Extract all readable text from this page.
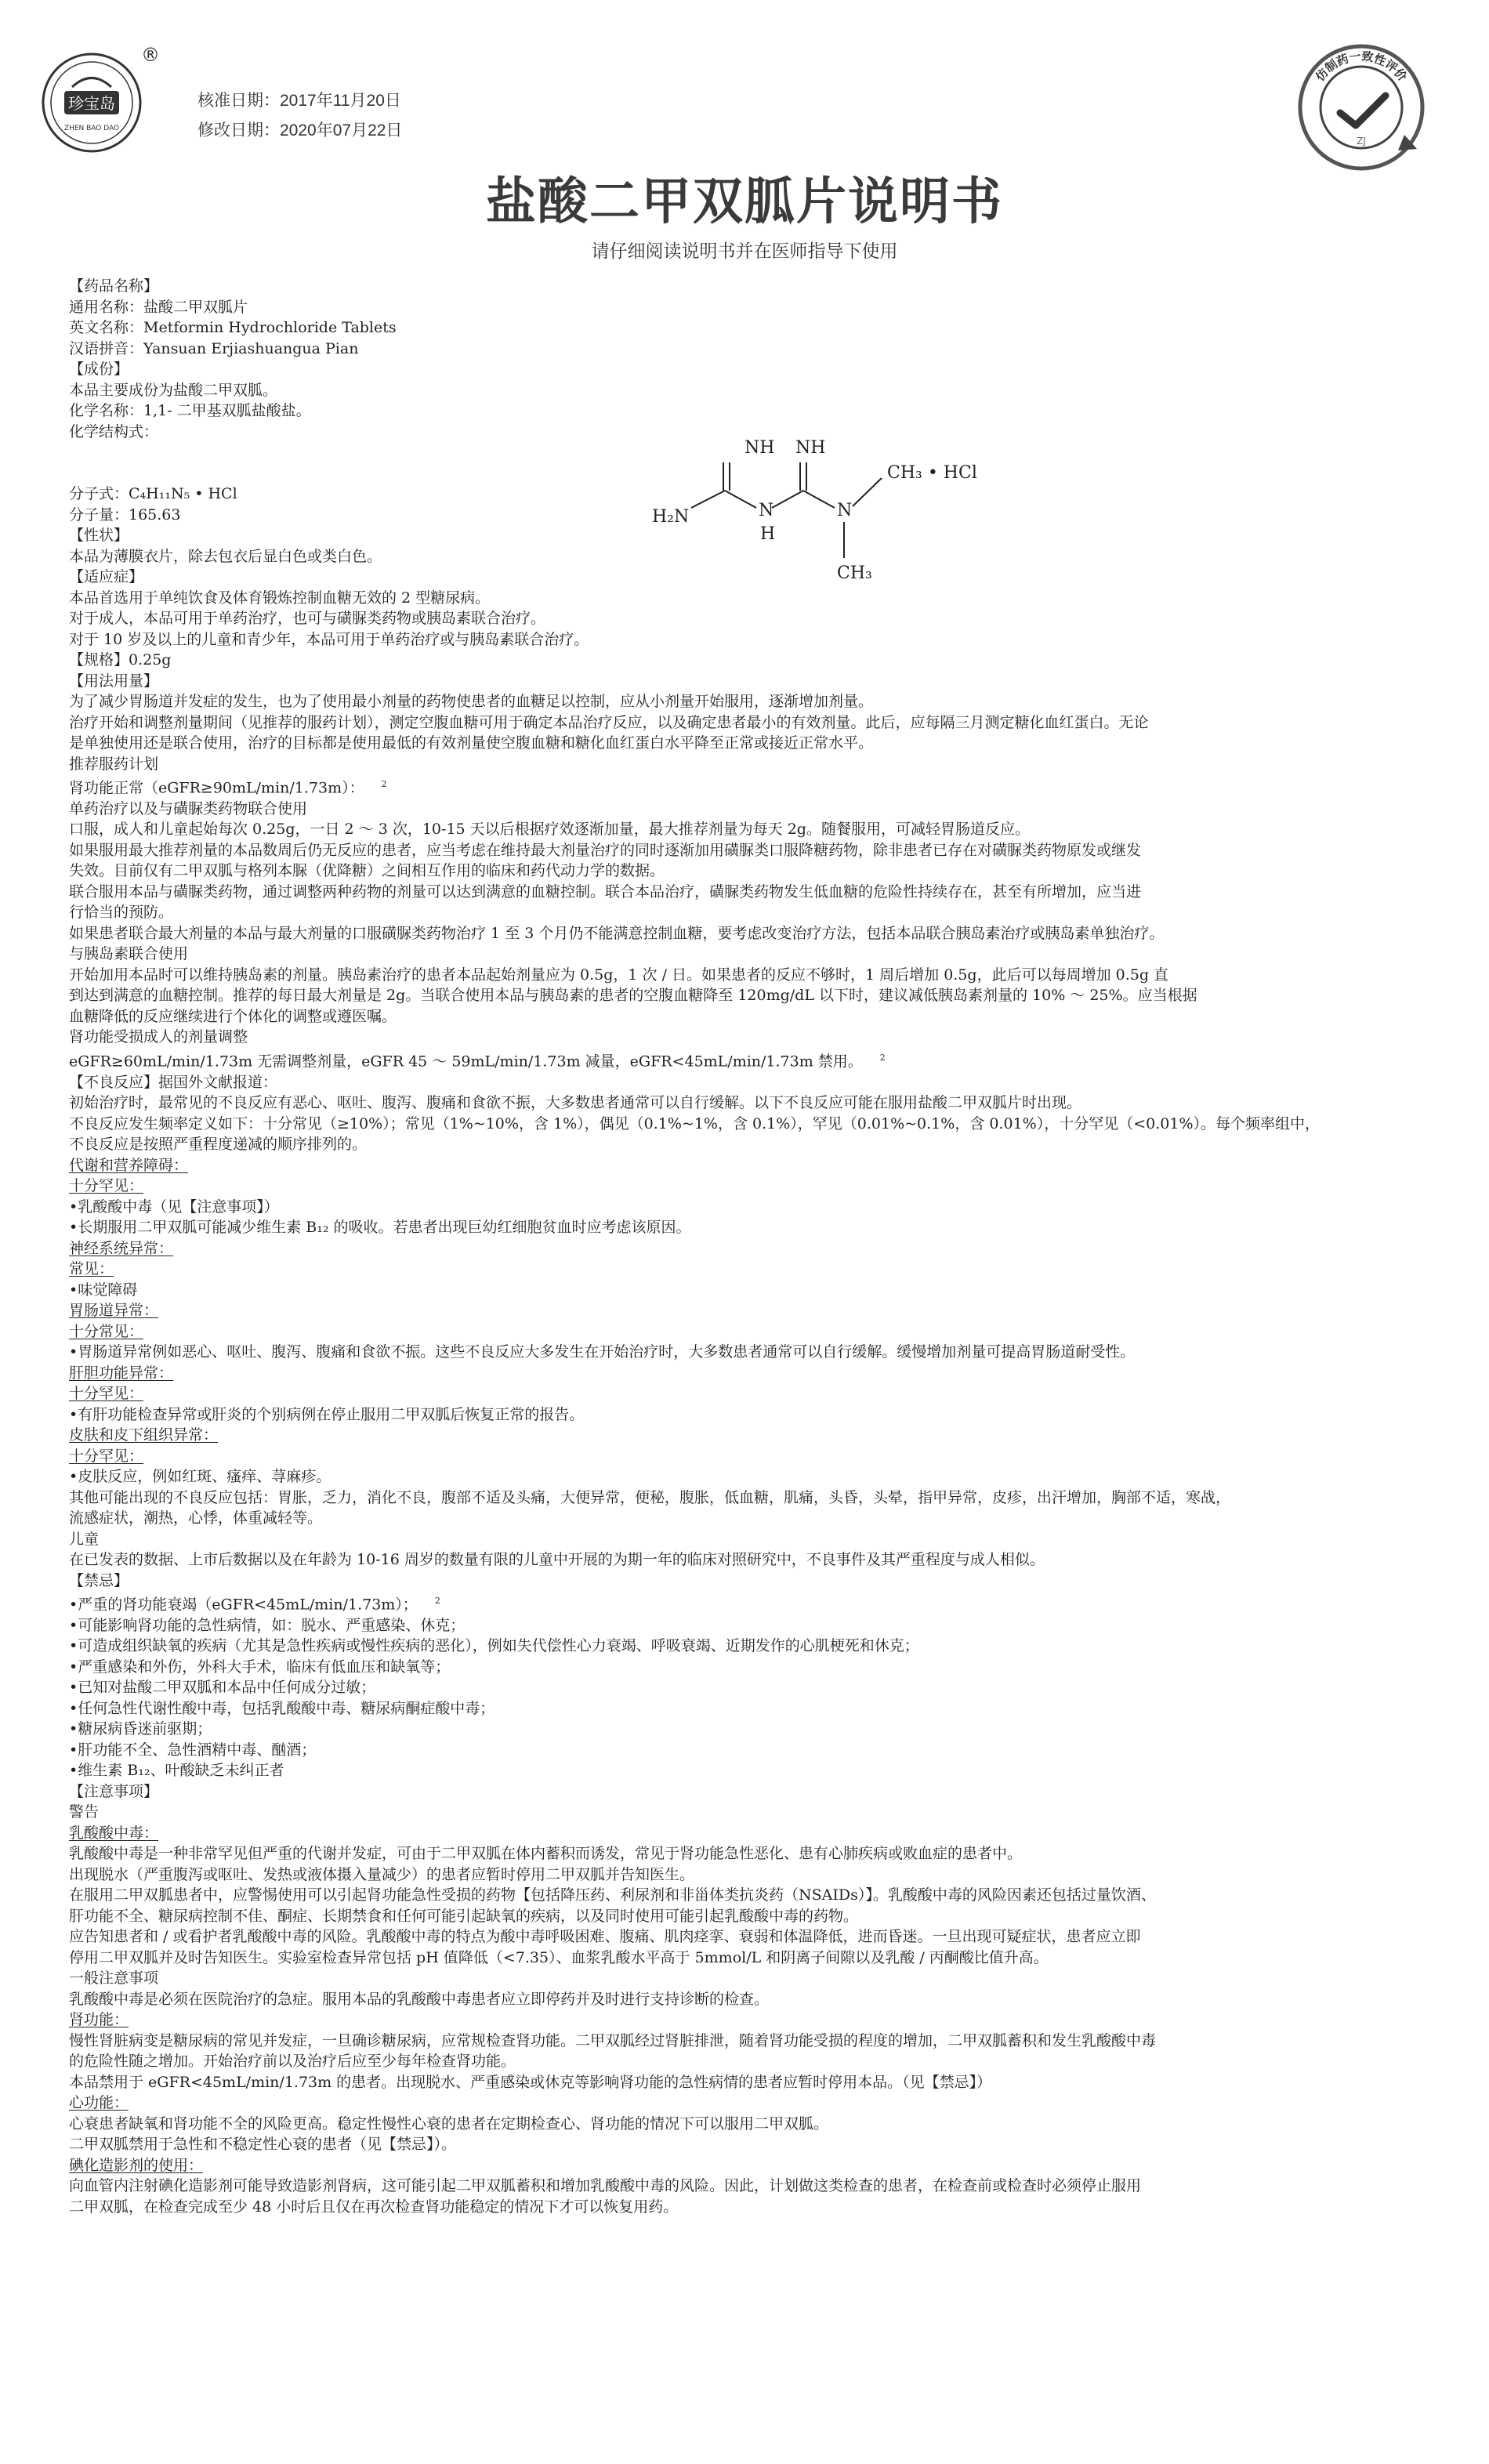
珍宝岛
ZHEN BAO DAO
®
核准日期：2017年11月20日
修改日期：2020年07月22日
仿制药一致性评价
ZJ
盐酸二甲双胍片说明书
请仔细阅读说明书并在医师指导下使用
NH NH
H₂N	N
H
N
CH₃ • HCl
CH₃
【药品名称】
通用名称：盐酸二甲双胍片
英文名称：Metformin Hydrochloride Tablets
汉语拼音：Yansuan Erjiashuangua Pian
【成份】
本品主要成份为盐酸二甲双胍。
化学名称：1,1- 二甲基双胍盐酸盐。
化学结构式：

分子式：C₄H₁₁N₅ • HCl
分子量：165.63
【性状】
本品为薄膜衣片，除去包衣后显白色或类白色。
【适应症】
本品首选用于单纯饮食及体育锻炼控制血糖无效的 2 型糖尿病。
对于成人，本品可用于单药治疗，也可与磺脲类药物或胰岛素联合治疗。
对于 10 岁及以上的儿童和青少年，本品可用于单药治疗或与胰岛素联合治疗。
【规格】0.25g
【用法用量】
为了减少胃肠道并发症的发生，也为了使用最小剂量的药物使患者的血糖足以控制，应从小剂量开始服用，逐渐增加剂量。
治疗开始和调整剂量期间（见推荐的服药计划），测定空腹血糖可用于确定本品治疗反应，以及确定患者最小的有效剂量。此后，应每隔三月测定糖化血红蛋白。无论
是单独使用还是联合使用，治疗的目标都是使用最低的有效剂量使空腹血糖和糖化血红蛋白水平降至正常或接近正常水平。
推荐服药计划
肾功能正常（eGFR≥90mL/min/1.73m）： $^2$
单药治疗以及与磺脲类药物联合使用
口服，成人和儿童起始每次 0.25g，一日 2 ～ 3 次，10-15 天以后根据疗效逐渐加量，最大推荐剂量为每天 2g。随餐服用，可减轻胃肠道反应。
如果服用最大推荐剂量的本品数周后仍无反应的患者，应当考虑在维持最大剂量治疗的同时逐渐加用磺脲类口服降糖药物，除非患者已存在对磺脲类药物原发或继发
失效。目前仅有二甲双胍与格列本脲（优降糖）之间相互作用的临床和药代动力学的数据。
联合服用本品与磺脲类药物，通过调整两种药物的剂量可以达到满意的血糖控制。联合本品治疗，磺脲类药物发生低血糖的危险性持续存在，甚至有所增加，应当进
行恰当的预防。
如果患者联合最大剂量的本品与最大剂量的口服磺脲类药物治疗 1 至 3 个月仍不能满意控制血糖，要考虑改变治疗方法，包括本品联合胰岛素治疗或胰岛素单独治疗。
与胰岛素联合使用
开始加用本品时可以维持胰岛素的剂量。胰岛素治疗的患者本品起始剂量应为 0.5g，1 次 / 日。如果患者的反应不够时，1 周后增加 0.5g，此后可以每周增加 0.5g 直
到达到满意的血糖控制。推荐的每日最大剂量是 2g。当联合使用本品与胰岛素的患者的空腹血糖降至 120mg/dL 以下时，建议减低胰岛素剂量的 10% ～ 25%。应当根据
血糖降低的反应继续进行个体化的调整或遵医嘱。
肾功能受损成人的剂量调整
eGFR≥60mL/min/1.73m 无需调整剂量，eGFR 45 ～ 59mL/min/1.73m 减量，eGFR<45mL/min/1.73m 禁用。 $^2$
【不良反应】据国外文献报道：
初始治疗时，最常见的不良反应有恶心、呕吐、腹泻、腹痛和食欲不振，大多数患者通常可以自行缓解。以下不良反应可能在服用盐酸二甲双胍片时出现。
不良反应发生频率定义如下：十分常见（≥10%）；常见（1%~10%，含 1%），偶见（0.1%~1%，含 0.1%），罕见（0.01%~0.1%，含 0.01%），十分罕见（<0.01%）。每个频率组中，
不良反应是按照严重程度递减的顺序排列的。
代谢和营养障碍：
十分罕见：
•乳酸酸中毒（见【注意事项】）
•长期服用二甲双胍可能减少维生素 B₁₂ 的吸收。若患者出现巨幼红细胞贫血时应考虑该原因。
神经系统异常：
常见：
•味觉障碍
胃肠道异常：
十分常见：
•胃肠道异常例如恶心、呕吐、腹泻、腹痛和食欲不振。这些不良反应大多发生在开始治疗时，大多数患者通常可以自行缓解。缓慢增加剂量可提高胃肠道耐受性。
肝胆功能异常：
十分罕见：
•有肝功能检查异常或肝炎的个别病例在停止服用二甲双胍后恢复正常的报告。
皮肤和皮下组织异常：
十分罕见：
•皮肤反应，例如红斑、瘙痒、荨麻疹。
其他可能出现的不良反应包括：胃胀，乏力，消化不良，腹部不适及头痛，大便异常，便秘，腹胀，低血糖，肌痛，头昏，头晕，指甲异常，皮疹，出汗增加，胸部不适，寒战，
流感症状，潮热，心悸，体重减轻等。
儿童
在已发表的数据、上市后数据以及在年龄为 10-16 周岁的数量有限的儿童中开展的为期一年的临床对照研究中，不良事件及其严重程度与成人相似。
【禁忌】
•严重的肾功能衰竭（eGFR<45mL/min/1.73m）； $^2$
•可能影响肾功能的急性病情，如：脱水、严重感染、休克；
•可造成组织缺氧的疾病（尤其是急性疾病或慢性疾病的恶化），例如失代偿性心力衰竭、呼吸衰竭、近期发作的心肌梗死和休克；
•严重感染和外伤，外科大手术，临床有低血压和缺氧等；
•已知对盐酸二甲双胍和本品中任何成分过敏；
•任何急性代谢性酸中毒，包括乳酸酸中毒、糖尿病酮症酸中毒；
•糖尿病昏迷前驱期；
•肝功能不全、急性酒精中毒、酗酒；
•维生素 B₁₂、叶酸缺乏未纠正者
【注意事项】
警告
乳酸酸中毒：
乳酸酸中毒是一种非常罕见但严重的代谢并发症，可由于二甲双胍在体内蓄积而诱发，常见于肾功能急性恶化、患有心肺疾病或败血症的患者中。
出现脱水（严重腹泻或呕吐、发热或液体摄入量减少）的患者应暂时停用二甲双胍并告知医生。
在服用二甲双胍患者中，应警惕使用可以引起肾功能急性受损的药物【包括降压药、利尿剂和非甾体类抗炎药（NSAIDs）】。乳酸酸中毒的风险因素还包括过量饮酒、
肝功能不全、糖尿病控制不佳、酮症、长期禁食和任何可能引起缺氧的疾病，以及同时使用可能引起乳酸酸中毒的药物。
应告知患者和 / 或看护者乳酸酸中毒的风险。乳酸酸中毒的特点为酸中毒呼吸困难、腹痛、肌肉痉挛、衰弱和体温降低，进而昏迷。一旦出现可疑症状，患者应立即
停用二甲双胍并及时告知医生。实验室检查异常包括 pH 值降低（<7.35）、血浆乳酸水平高于 5mmol/L 和阴离子间隙以及乳酸 / 丙酮酸比值升高。
一般注意事项
乳酸酸中毒是必须在医院治疗的急症。服用本品的乳酸酸中毒患者应立即停药并及时进行支持诊断的检查。
肾功能：
慢性肾脏病变是糖尿病的常见并发症，一旦确诊糖尿病，应常规检查肾功能。二甲双胍经过肾脏排泄，随着肾功能受损的程度的增加，二甲双胍蓄积和发生乳酸酸中毒
的危险性随之增加。开始治疗前以及治疗后应至少每年检查肾功能。
本品禁用于 eGFR<45mL/min/1.73m 的患者。出现脱水、严重感染或休克等影响肾功能的急性病情的患者应暂时停用本品。（见【禁忌】）
心功能：
心衰患者缺氧和肾功能不全的风险更高。稳定性慢性心衰的患者在定期检查心、肾功能的情况下可以服用二甲双胍。
二甲双胍禁用于急性和不稳定性心衰的患者（见【禁忌】）。
碘化造影剂的使用：
向血管内注射碘化造影剂可能导致造影剂肾病，这可能引起二甲双胍蓄积和增加乳酸酸中毒的风险。因此，计划做这类检查的患者，在检查前或检查时必须停止服用
二甲双胍，在检查完成至少 48 小时后且仅在再次检查肾功能稳定的情况下才可以恢复用药。
